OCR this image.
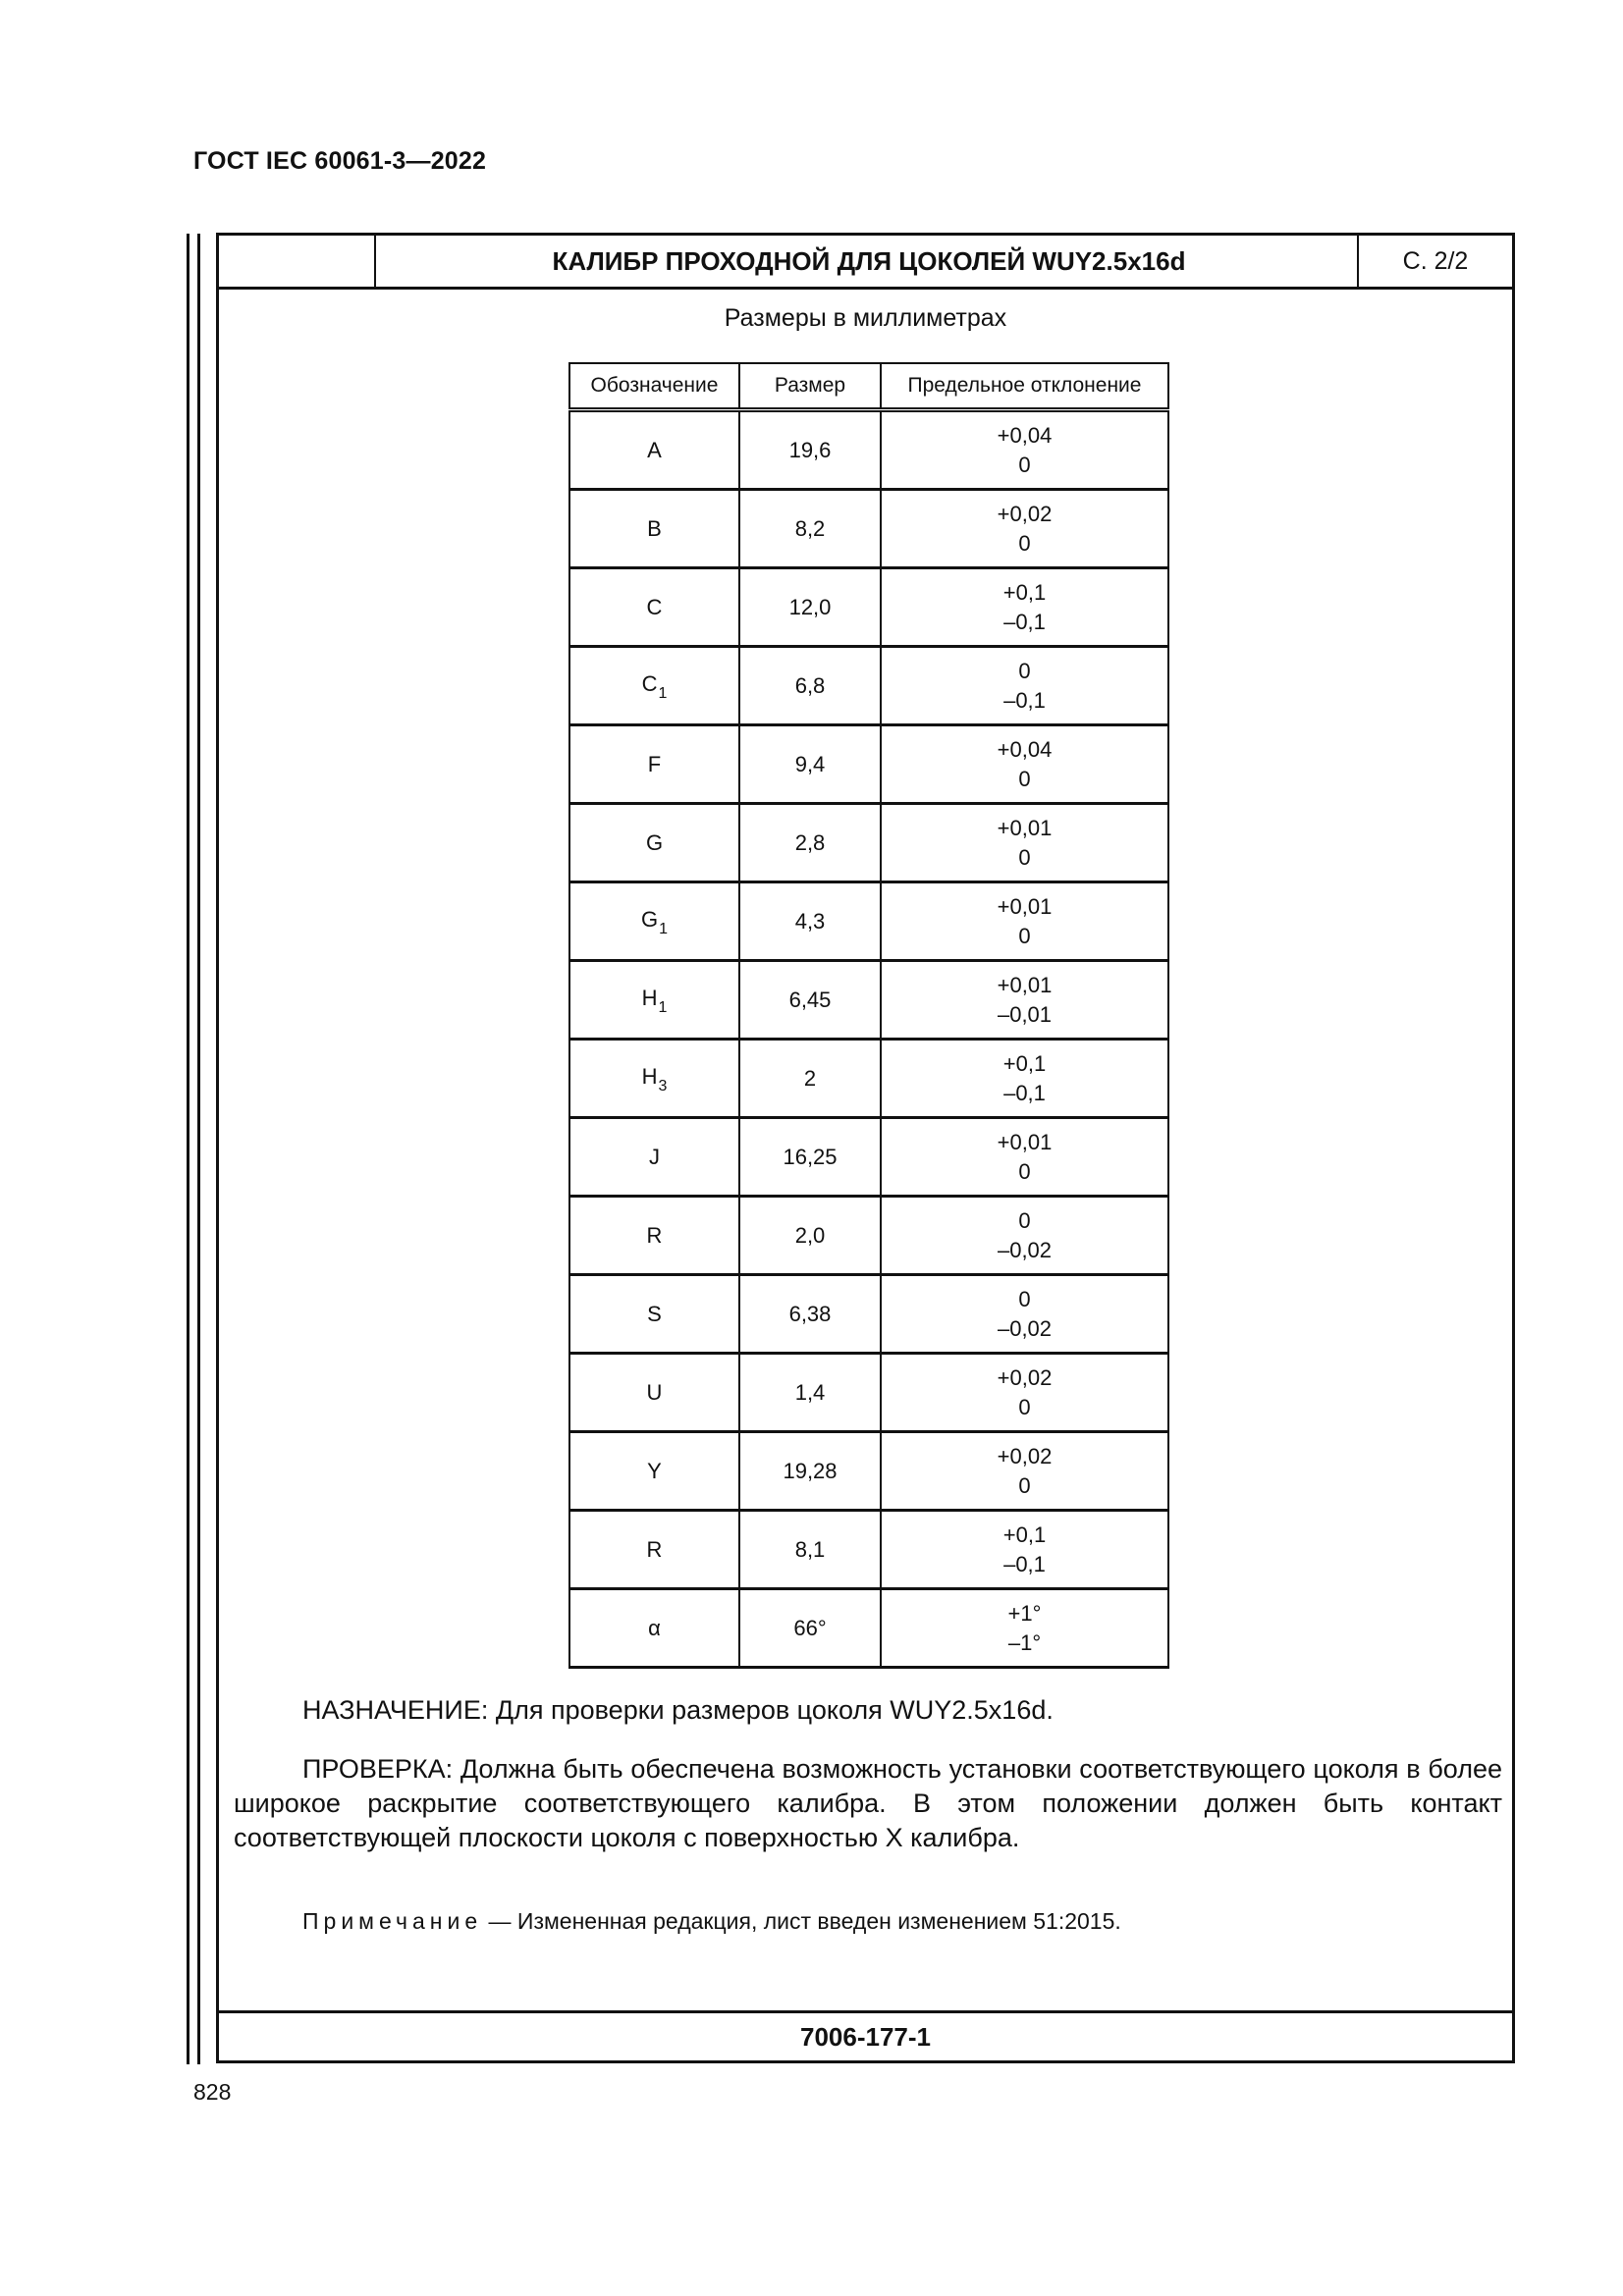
ГОСТ IEC 60061-3—2022
КАЛИБР ПРОХОДНОЙ ДЛЯ ЦОКОЛЕЙ WUY2.5x16d	С. 2/2
Размеры в миллиметрах
Обозначение	Размер	Предельное отклонение
A	19,6	+0,04
0

B	8,2	+0,02
0

C	12,0	+0,1
–0,1

$C_1$	6,8	0
–0,1

F	9,4	+0,04
0

G	2,8	+0,01
0

$G_1$	4,3	+0,01
0

$H_1$	6,45	+0,01
–0,01

$H_3$	2	+0,1
–0,1

J	16,25	+0,01
0

R	2,0	0
–0,02

S	6,38	0
–0,02

U	1,4	+0,02
0

Y	19,28	+0,02
0

R	8,1	+0,1
–0,1

α	66°	+1°
–1°
НАЗНАЧЕНИЕ: Для проверки размеров цоколя WUY2.5x16d.
ПРОВЕРКА: Должна быть обеспечена возможность установки соответствующего цоколя в более широкое раскрытие соответствующего калибра. В этом положении должен быть контакт соответствующей плоскости цоколя с поверхностью X калибра.
Примечание — Измененная редакция, лист введен изменением 51:2015.
7006-177-1
828
